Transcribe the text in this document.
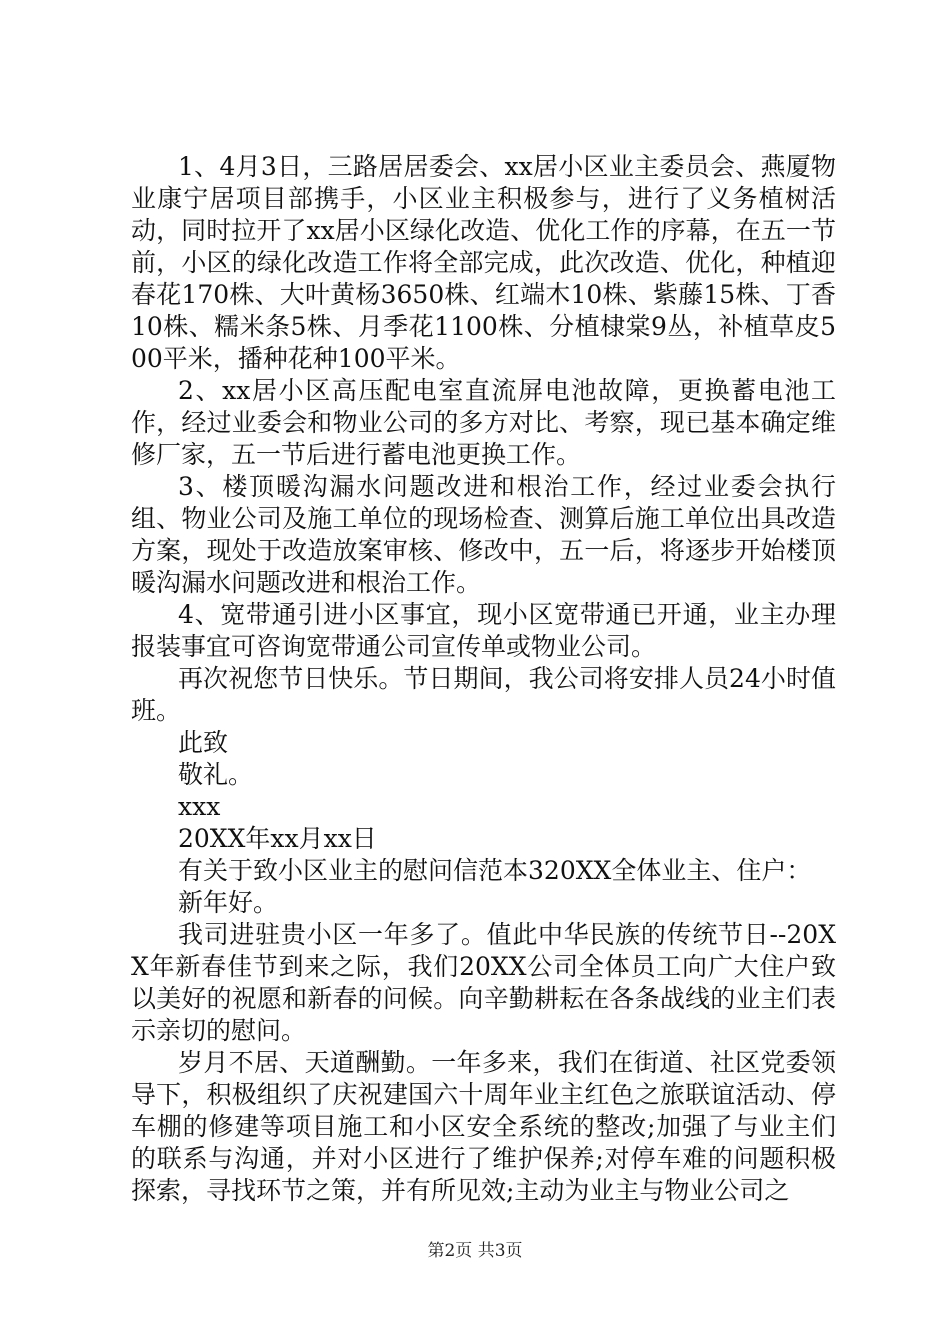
1、4月3日，三路居居委会、xx居小区业主委员会、燕厦物业康宁居项目部携手，小区业主积极参与，进行了义务植树活动，同时拉开了xx居小区绿化改造、优化工作的序幕，在五一节前，小区的绿化改造工作将全部完成，此次改造、优化，种植迎春花170株、大叶黄杨3650株、红端木10株、紫藤15株、丁香10株、糯米条5株、月季花1100株、分植棣棠9丛，补植草皮500平米，播种花种100平米。

2、xx居小区高压配电室直流屏电池故障，更换蓄电池工作，经过业委会和物业公司的多方对比、考察，现已基本确定维修厂家，五一节后进行蓄电池更换工作。

3、楼顶暖沟漏水问题改进和根治工作，经过业委会执行组、物业公司及施工单位的现场检查、测算后施工单位出具改造方案，现处于改造放案审核、修改中，五一后，将逐步开始楼顶暖沟漏水问题改进和根治工作。

4、宽带通引进小区事宜，现小区宽带通已开通，业主办理报装事宜可咨询宽带通公司宣传单或物业公司。

再次祝您节日快乐。节日期间，我公司将安排人员24小时值班。

此致

敬礼。

xxx

20XX年xx月xx日

有关于致小区业主的慰问信范本320XX全体业主、住户：

新年好。

我司进驻贵小区一年多了。值此中华民族的传统节日--20XX年新春佳节到来之际，我们20XX公司全体员工向广大住户致以美好的祝愿和新春的问候。向辛勤耕耘在各条战线的业主们表示亲切的慰问。

岁月不居、天道酬勤。一年多来，我们在街道、社区党委领导下，积极组织了庆祝建国六十周年业主红色之旅联谊活动、停车棚的修建等项目施工和小区安全系统的整改;加强了与业主们的联系与沟通，并对小区进行了维护保养;对停车难的问题积极探索，寻找环节之策，并有所见效;主动为业主与物业公司之

第2页 共3页
